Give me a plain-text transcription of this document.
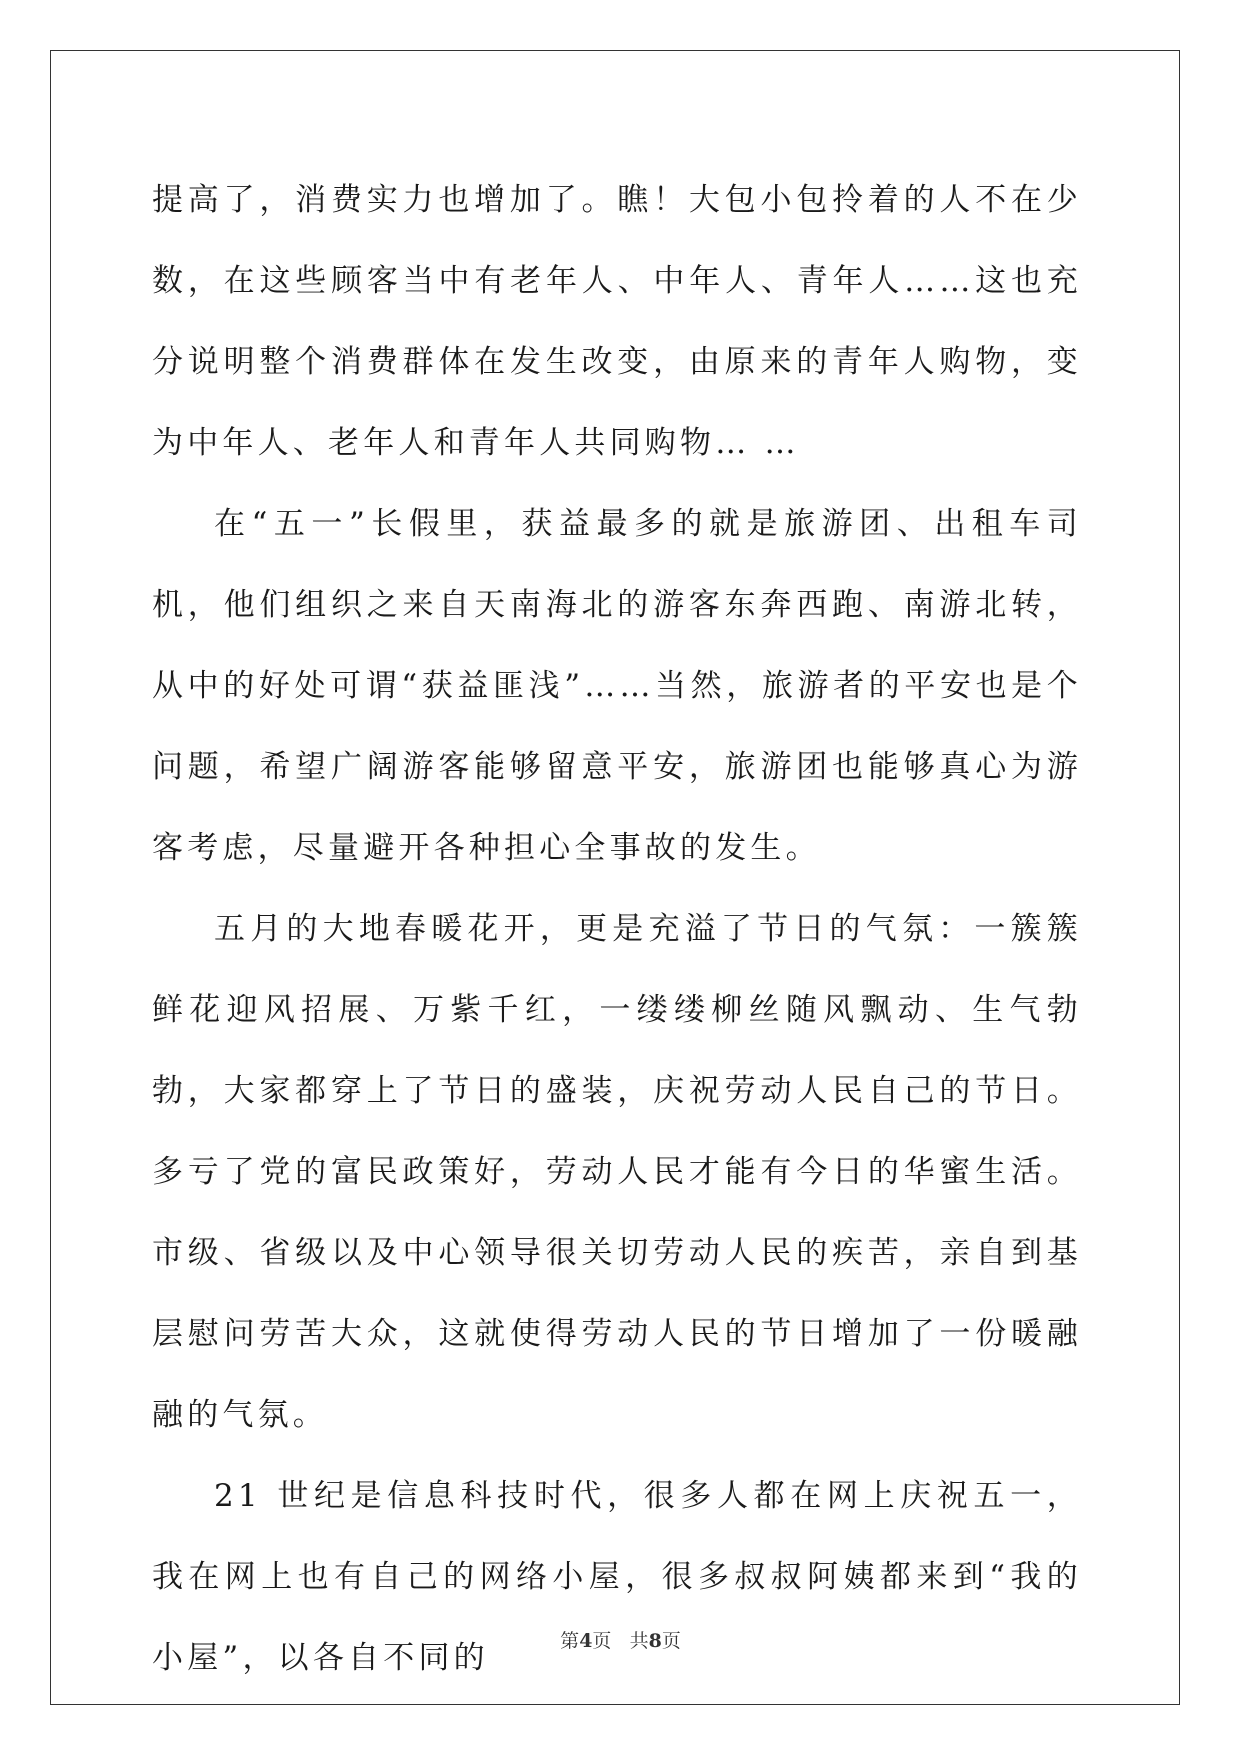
提高了，消费实力也增加了。瞧！大包小包拎着的人不在少数，在这些顾客当中有老年人、中年人、青年人……这也充分说明整个消费群体在发生改变，由原来的青年人购物，变为中年人、老年人和青年人共同购物… …

在“五一”长假里，获益最多的就是旅游团、出租车司机，他们组织之来自天南海北的游客东奔西跑、南游北转，从中的好处可谓“获益匪浅”……当然，旅游者的平安也是个问题，希望广阔游客能够留意平安，旅游团也能够真心为游客考虑，尽量避开各种担心全事故的发生。

五月的大地春暖花开，更是充溢了节日的气氛：一簇簇鲜花迎风招展、万紫千红，一缕缕柳丝随风飘动、生气勃勃，大家都穿上了节日的盛装，庆祝劳动人民自己的节日。多亏了党的富民政策好，劳动人民才能有今日的华蜜生活。市级、省级以及中心领导很关切劳动人民的疾苦，亲自到基层慰问劳苦大众，这就使得劳动人民的节日增加了一份暖融融的气氛。

21 世纪是信息科技时代，很多人都在网上庆祝五一，我在网上也有自己的网络小屋，很多叔叔阿姨都来到“我的小屋”，以各自不同的	第4页 共8页
